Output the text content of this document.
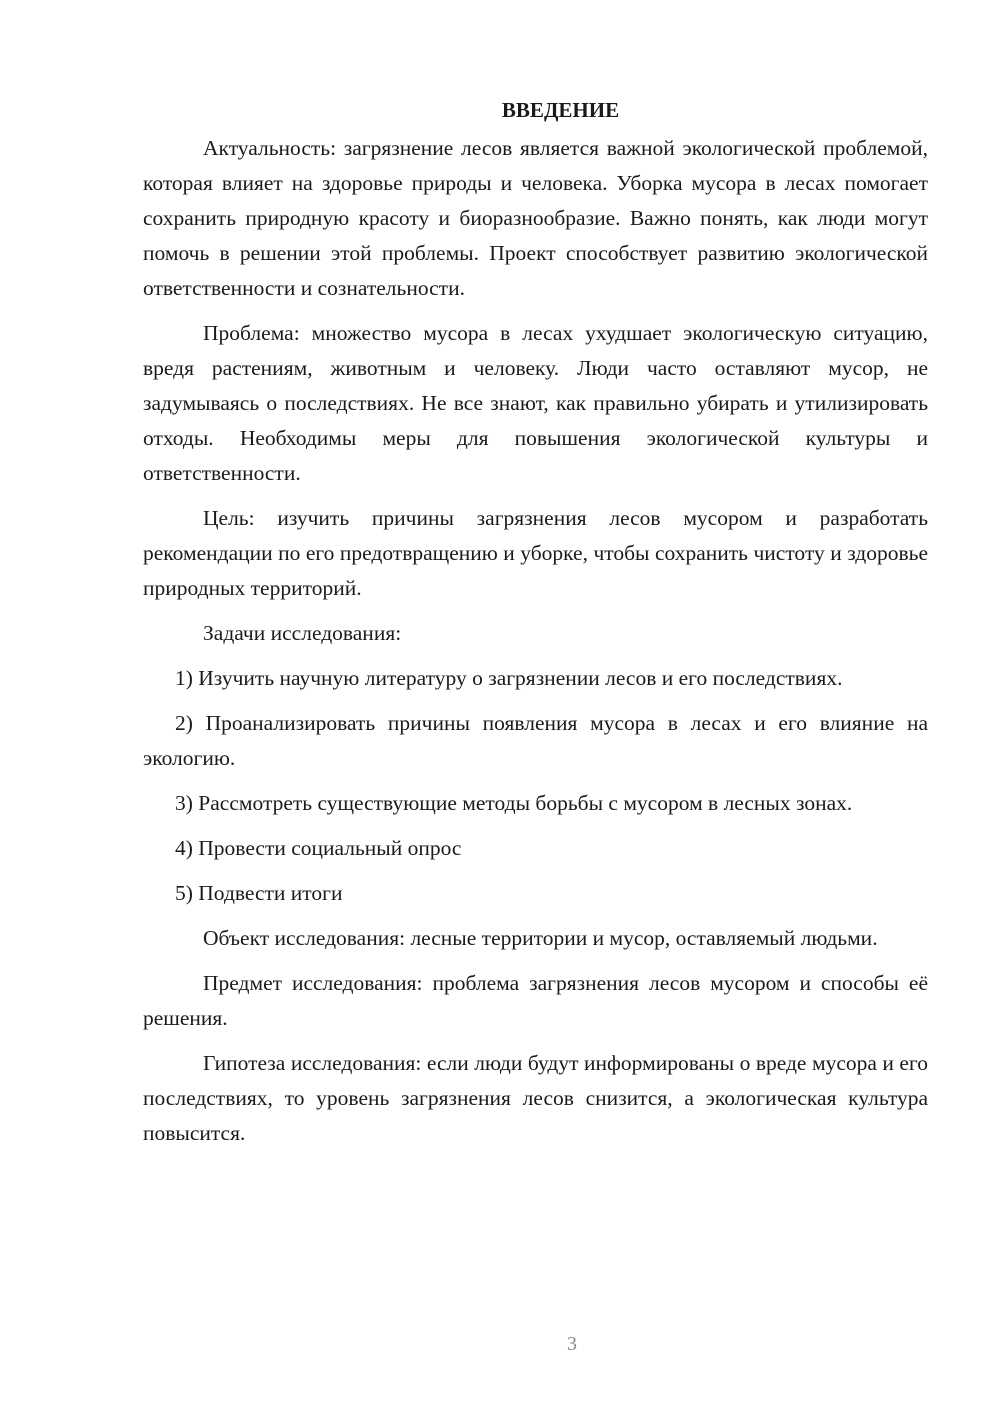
ВВЕДЕНИЕ

Актуальность: загрязнение лесов является важной экологической проблемой, которая влияет на здоровье природы и человека. Уборка мусора в лесах помогает сохранить природную красоту и биоразнообразие. Важно понять, как люди могут помочь в решении этой проблемы. Проект способствует развитию экологической ответственности и сознательности.

Проблема: множество мусора в лесах ухудшает экологическую ситуацию, вредя растениям, животным и человеку. Люди часто оставляют мусор, не задумываясь о последствиях. Не все знают, как правильно убирать и утилизировать отходы. Необходимы меры для повышения экологической культуры и ответственности.

Цель: изучить причины загрязнения лесов мусором и разработать рекомендации по его предотвращению и уборке, чтобы сохранить чистоту и здоровье природных территорий.

Задачи исследования:

1) Изучить научную литературу о загрязнении лесов и его последствиях.

2) Проанализировать причины появления мусора в лесах и его влияние на экологию.

3) Рассмотреть существующие методы борьбы с мусором в лесных зонах.

4) Провести социальный опрос

5) Подвести итоги

Объект исследования: лесные территории и мусор, оставляемый людьми.

Предмет исследования: проблема загрязнения лесов мусором и способы её решения.

Гипотеза исследования: если люди будут информированы о вреде мусора и его последствиях, то уровень загрязнения лесов снизится, а экологическая культура повысится.

3
